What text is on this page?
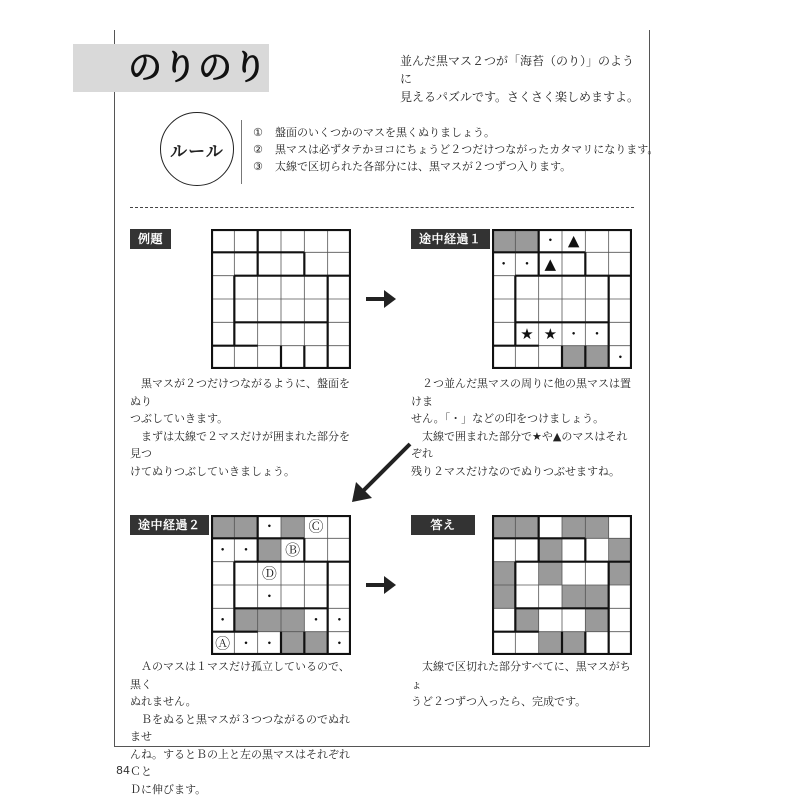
のりのり	並んだ黒マス２つが「海苔（のり）」のように
見えるパズルです。さくさく楽しめますよ。
ルール
① 盤面のいくつかのマスを黒くぬりましょう。
② 黒マスは必ずタテかヨコにちょうど２つだけつながったカタマリになります。
③ 太線で区切られた各部分には、黒マスが２つずつ入ります。
例題
　黒マスが２つだけつながるように、盤面をぬり
つぶしていきます。
　まずは太線で２マスだけが囲まれた部分を見つ
けてぬりつぶしていきましょう。
途中経過１	・ ▲
・ ・ ▲
★ ★ ・ ・
・
　２つ並んだ黒マスの周りに他の黒マスは置けま
せん。「・」などの印をつけましょう。
　太線で囲まれた部分で★や▲のマスはそれぞれ
残り２マスだけなのでぬりつぶせますね。
途中経過２	・ Ⓒ
・ ・ Ⓑ
Ⓓ
・
・	・ ・
Ⓐ ・ ・	・
　Ａのマスは１マスだけ孤立しているので、黒く
ぬれません。
　Ｂをぬると黒マスが３つつながるのでぬれませ
んね。するとＢの上と左の黒マスはそれぞれＣと
Ｄに伸びます。
答え
　太線で区切れた部分すべてに、黒マスがちょ
うど２つずつ入ったら、完成です。
84
